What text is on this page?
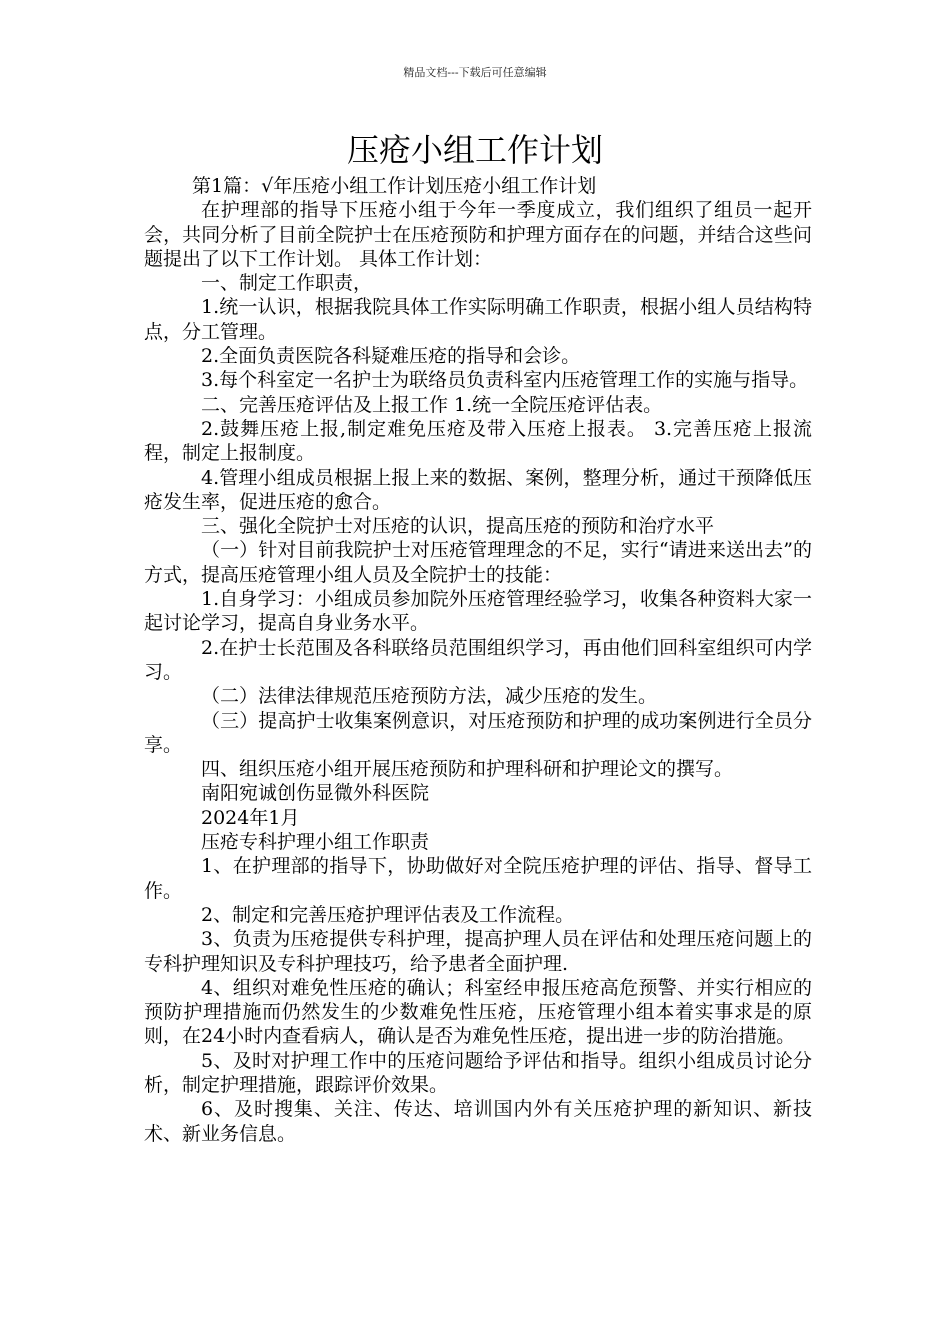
精品文档---下载后可任意编辑
压疮小组工作计划

第1篇：√年压疮小组工作计划压疮小组工作计划

在护理部的指导下压疮小组于今年一季度成立，我们组织了组员一起开会，共同分析了目前全院护士在压疮预防和护理方面存在的问题，并结合这些问题提出了以下工作计划。 具体工作计划：

一、制定工作职责，

1.统一认识，根据我院具体工作实际明确工作职责，根据小组人员结构特点，分工管理。

2.全面负责医院各科疑难压疮的指导和会诊。

3.每个科室定一名护士为联络员负责科室内压疮管理工作的实施与指导。

二、完善压疮评估及上报工作 1.统一全院压疮评估表。

2.鼓舞压疮上报,制定难免压疮及带入压疮上报表。 3.完善压疮上报流程，制定上报制度。

4.管理小组成员根据上报上来的数据、案例，整理分析，通过干预降低压疮发生率，促进压疮的愈合。

三、强化全院护士对压疮的认识，提高压疮的预防和治疗水平

（一）针对目前我院护士对压疮管理理念的不足，实行“请进来送出去”的方式，提高压疮管理小组人员及全院护士的技能：

1.自身学习：小组成员参加院外压疮管理经验学习，收集各种资料大家一起讨论学习，提高自身业务水平。

2.在护士长范围及各科联络员范围组织学习，再由他们回科室组织可内学习。

（二）法律法律规范压疮预防方法，减少压疮的发生。

（三）提高护士收集案例意识，对压疮预防和护理的成功案例进行全员分享。

四、组织压疮小组开展压疮预防和护理科研和护理论文的撰写。

南阳宛诚创伤显微外科医院

2024年1月

压疮专科护理小组工作职责

1、在护理部的指导下，协助做好对全院压疮护理的评估、指导、督导工作。

2、制定和完善压疮护理评估表及工作流程。

3、负责为压疮提供专科护理，提高护理人员在评估和处理压疮问题上的专科护理知识及专科护理技巧，给予患者全面护理.

4、组织对难免性压疮的确认；科室经申报压疮高危预警、并实行相应的预防护理措施而仍然发生的少数难免性压疮，压疮管理小组本着实事求是的原则，在24小时内查看病人，确认是否为难免性压疮，提出进一步的防治措施。

5、及时对护理工作中的压疮问题给予评估和指导。组织小组成员讨论分析，制定护理措施，跟踪评价效果。

6、及时搜集、关注、传达、培训国内外有关压疮护理的新知识、新技术、新业务信息。
